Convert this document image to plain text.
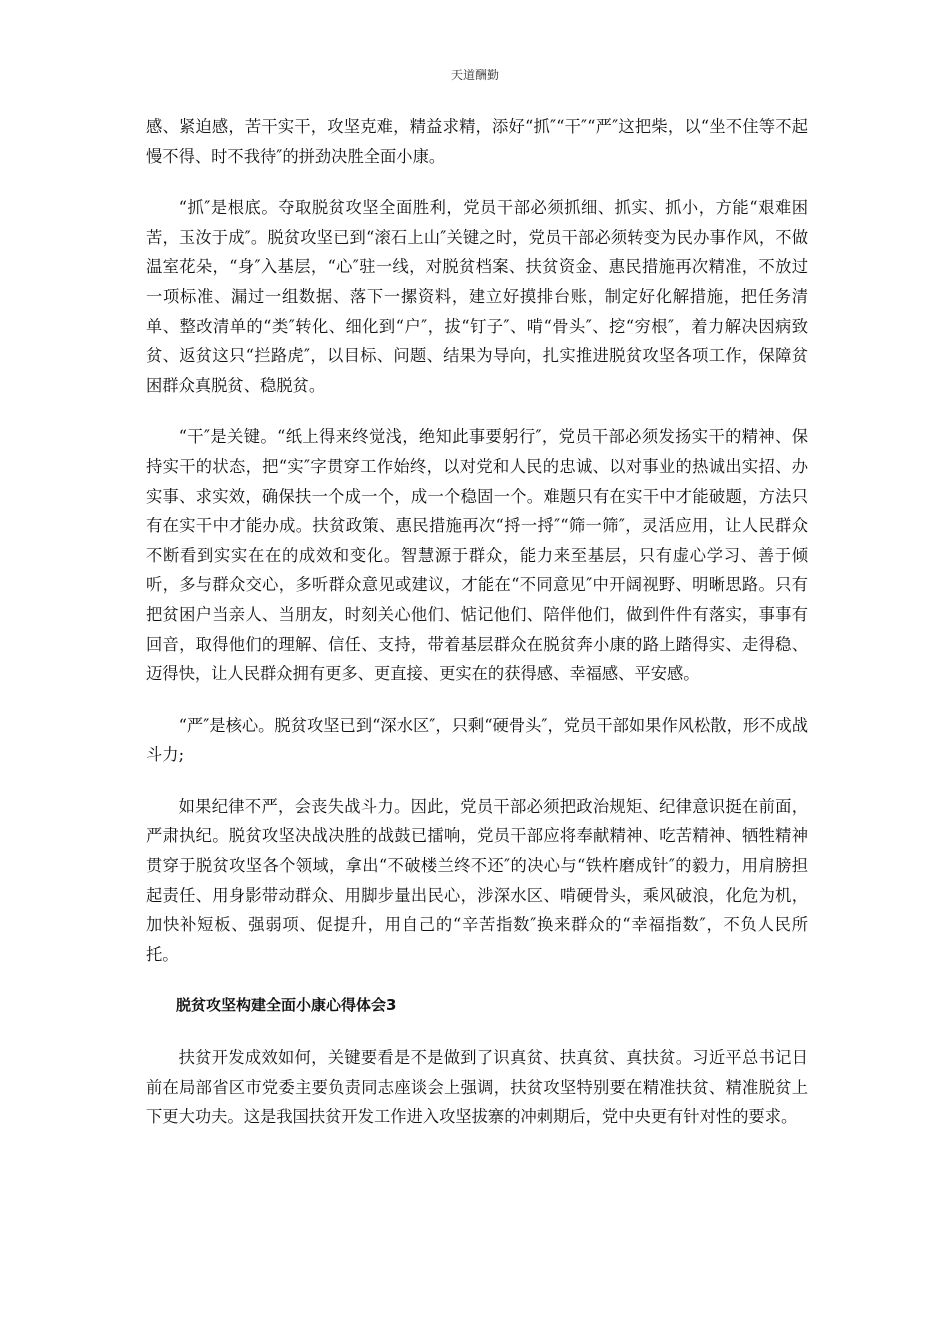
天道酬勤

感、紧迫感，苦干实干，攻坚克难，精益求精，添好“抓″“干″“严″这把柴，以“坐不住等不起慢不得、时不我待″的拼劲决胜全面小康。

“抓″是根底。夺取脱贫攻坚全面胜利，党员干部必须抓细、抓实、抓小，方能“艰难困苦，玉汝于成″。脱贫攻坚已到“滚石上山″关键之时，党员干部必须转变为民办事作风，不做温室花朵，“身″入基层，“心″驻一线，对脱贫档案、扶贫资金、惠民措施再次精准，不放过一项标准、漏过一组数据、落下一摞资料，建立好摸排台账，制定好化解措施，把任务清单、整改清单的“类″转化、细化到“户″，拔“钉子″、啃“骨头″、挖“穷根″，着力解决因病致贫、返贫这只“拦路虎″，以目标、问题、结果为导向，扎实推进脱贫攻坚各项工作，保障贫困群众真脱贫、稳脱贫。

“干″是关键。“纸上得来终觉浅，绝知此事要躬行″，党员干部必须发扬实干的精神、保持实干的状态，把“实″字贯穿工作始终，以对党和人民的忠诚、以对事业的热诚出实招、办实事、求实效，确保扶一个成一个，成一个稳固一个。难题只有在实干中才能破题，方法只有在实干中才能办成。扶贫政策、惠民措施再次“捋一捋″“筛一筛″，灵活应用，让人民群众不断看到实实在在的成效和变化。智慧源于群众，能力来至基层，只有虚心学习、善于倾听，多与群众交心，多听群众意见或建议，才能在“不同意见″中开阔视野、明晰思路。只有把贫困户当亲人、当朋友，时刻关心他们、惦记他们、陪伴他们，做到件件有落实，事事有回音，取得他们的理解、信任、支持，带着基层群众在脱贫奔小康的路上踏得实、走得稳、迈得快，让人民群众拥有更多、更直接、更实在的获得感、幸福感、平安感。

“严″是核心。脱贫攻坚已到“深水区″，只剩“硬骨头″，党员干部如果作风松散，形不成战斗力;

如果纪律不严，会丧失战斗力。因此，党员干部必须把政治规矩、纪律意识挺在前面，严肃执纪。脱贫攻坚决战决胜的战鼓已擂响，党员干部应将奉献精神、吃苦精神、牺牲精神贯穿于脱贫攻坚各个领域，拿出“不破楼兰终不还″的决心与“铁杵磨成针″的毅力，用肩膀担起责任、用身影带动群众、用脚步量出民心，涉深水区、啃硬骨头，乘风破浪，化危为机，加快补短板、强弱项、促提升，用自己的“辛苦指数″换来群众的“幸福指数″，不负人民所托。

脱贫攻坚构建全面小康心得体会3

扶贫开发成效如何，关键要看是不是做到了识真贫、扶真贫、真扶贫。习近平总书记日前在局部省区市党委主要负责同志座谈会上强调，扶贫攻坚特别要在精准扶贫、精准脱贫上下更大功夫。这是我国扶贫开发工作进入攻坚拔寨的冲刺期后，党中央更有针对性的要求。
